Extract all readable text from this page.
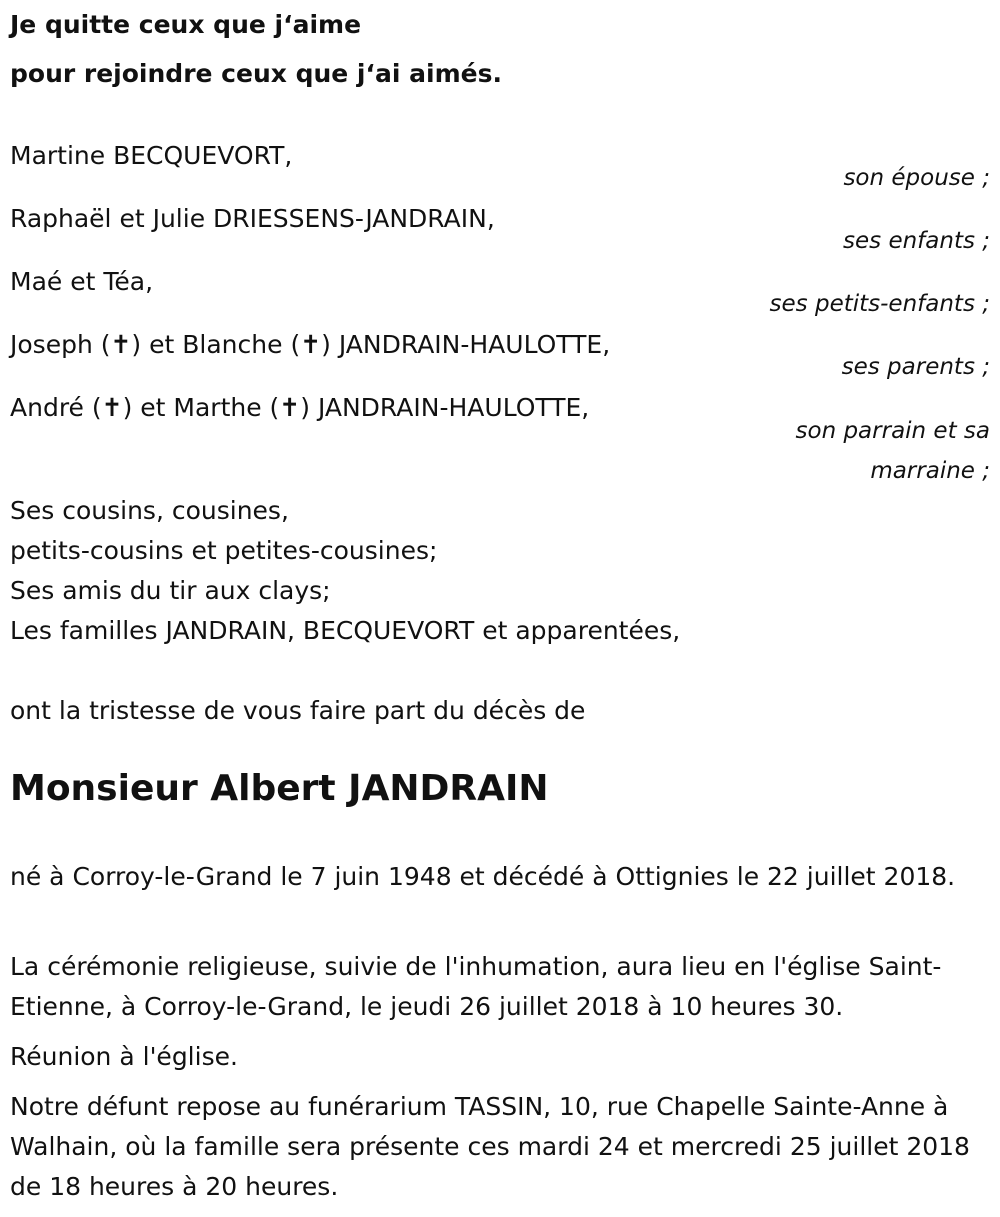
Je quitte ceux que j‘aime

pour rejoindre ceux que j‘ai aimés.

Martine BECQUEVORT,

son épouse ;

Raphaël et Julie DRIESSENS-JANDRAIN,

ses enfants ;

Maé et Téa,

ses petits-enfants ;

Joseph (✝) et Blanche (✝) JANDRAIN-HAULOTTE,

ses parents ;

André (✝) et Marthe (✝) JANDRAIN-HAULOTTE,

son parrain et sa marraine ;

Ses cousins, cousines,

petits-cousins et petites-cousines;

Ses amis du tir aux clays;

Les familles JANDRAIN, BECQUEVORT et apparentées,

ont la tristesse de vous faire part du décès de

Monsieur Albert JANDRAIN

né à Corroy-le-Grand le 7 juin 1948 et décédé à Ottignies le 22 juillet 2018.

La cérémonie religieuse, suivie de l'inhumation, aura lieu en l'église Saint-Etienne, à Corroy-le-Grand, le jeudi 26 juillet 2018 à 10 heures 30.

Réunion à l'église.

Notre défunt repose au funérarium TASSIN, 10, rue Chapelle Sainte-Anne à Walhain, où la famille sera présente ces mardi 24 et mercredi 25 juillet 2018 de 18 heures à 20 heures.
